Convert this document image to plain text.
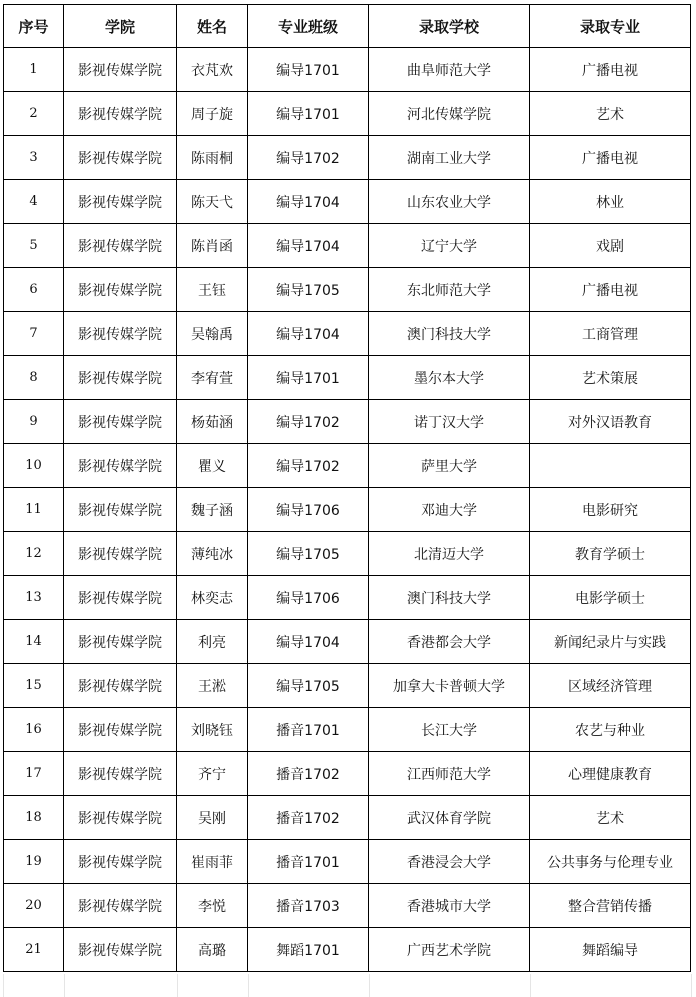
序号	学院	姓名	专业班级	录取学校	录取专业
1	影视传媒学院	衣芃欢	编导1701	曲阜师范大学	广播电视
2	影视传媒学院	周子旋	编导1701	河北传媒学院	艺术
3	影视传媒学院	陈雨桐	编导1702	湖南工业大学	广播电视
4	影视传媒学院	陈天弋	编导1704	山东农业大学	林业
5	影视传媒学院	陈肖函	编导1704	辽宁大学	戏剧
6	影视传媒学院	王钰	编导1705	东北师范大学	广播电视
7	影视传媒学院	吴翰禹	编导1704	澳门科技大学	工商管理
8	影视传媒学院	李宥萱	编导1701	墨尔本大学	艺术策展
9	影视传媒学院	杨茹涵	编导1702	诺丁汉大学	对外汉语教育
10	影视传媒学院	瞿义	编导1702	萨里大学	
11	影视传媒学院	魏子涵	编导1706	邓迪大学	电影研究
12	影视传媒学院	薄纯冰	编导1705	北清迈大学	教育学硕士
13	影视传媒学院	林奕志	编导1706	澳门科技大学	电影学硕士
14	影视传媒学院	利亮	编导1704	香港都会大学	新闻纪录片与实践
15	影视传媒学院	王淞	编导1705	加拿大卡普顿大学	区域经济管理
16	影视传媒学院	刘晓钰	播音1701	长江大学	农艺与种业
17	影视传媒学院	齐宁	播音1702	江西师范大学	心理健康教育
18	影视传媒学院	吴刚	播音1702	武汉体育学院	艺术
19	影视传媒学院	崔雨菲	播音1701	香港浸会大学	公共事务与伦理专业
20	影视传媒学院	李悦	播音1703	香港城市大学	整合营销传播
21	影视传媒学院	高璐	舞蹈1701	广西艺术学院	舞蹈编导
